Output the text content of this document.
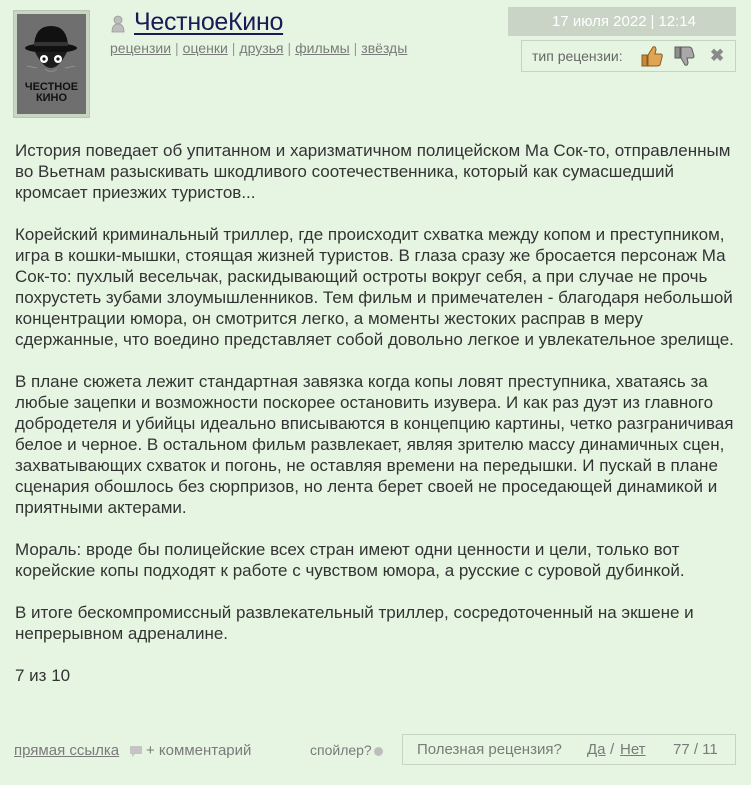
ЧЕСТНОЕ
КИНО
ЧестноеКино
рецензии | оценки | друзья | фильмы | звёзды
17 июля 2022 | 12:14
тип рецензии:	✖

История поведает об упитанном и харизматичном полицейском Ма Сок-то, отправленным во Вьетнам разыскивать шкодливого соотечественника, который как сумасшедший кромсает приезжих туристов...

Корейский криминальный триллер, где происходит схватка между копом и преступником, игра в кошки-мышки, стоящая жизней туристов. В глаза сразу же бросается персонаж Ма Сок-то: пухлый весельчак, раскидывающий остроты вокруг себя, а при случае не прочь похрустеть зубами злоумышленников. Тем фильм и примечателен - благодаря небольшой концентрации юмора, он смотрится легко, а моменты жестоких расправ в меру сдержанные, что воедино представляет собой довольно легкое и увлекательное зрелище.

В плане сюжета лежит стандартная завязка когда копы ловят преступника, хватаясь за любые зацепки и возможности поскорее остановить изувера. И как раз дуэт из главного добродетеля и убийцы идеально вписываются в концепцию картины, четко разграничивая белое и черное. В остальном фильм развлекает, являя зрителю массу динамичных сцен, захватывающих схваток и погонь, не оставляя времени на передышки. И пускай в плане сценария обошлось без сюрпризов, но лента берет своей не проседающей динамикой и приятными актерами.

Мораль: вроде бы полицейские всех стран имеют одни ценности и цели, только вот корейские копы подходят к работе с чувством юмора, а русские с суровой дубинкой.

В итоге бескомпромиссный развлекательный триллер, сосредоточенный на экшене и непрерывном адреналине.

7 из 10

прямая ссылка + комментарий	спойлер?	Полезная рецензия? Да / Нет 77 / 11
